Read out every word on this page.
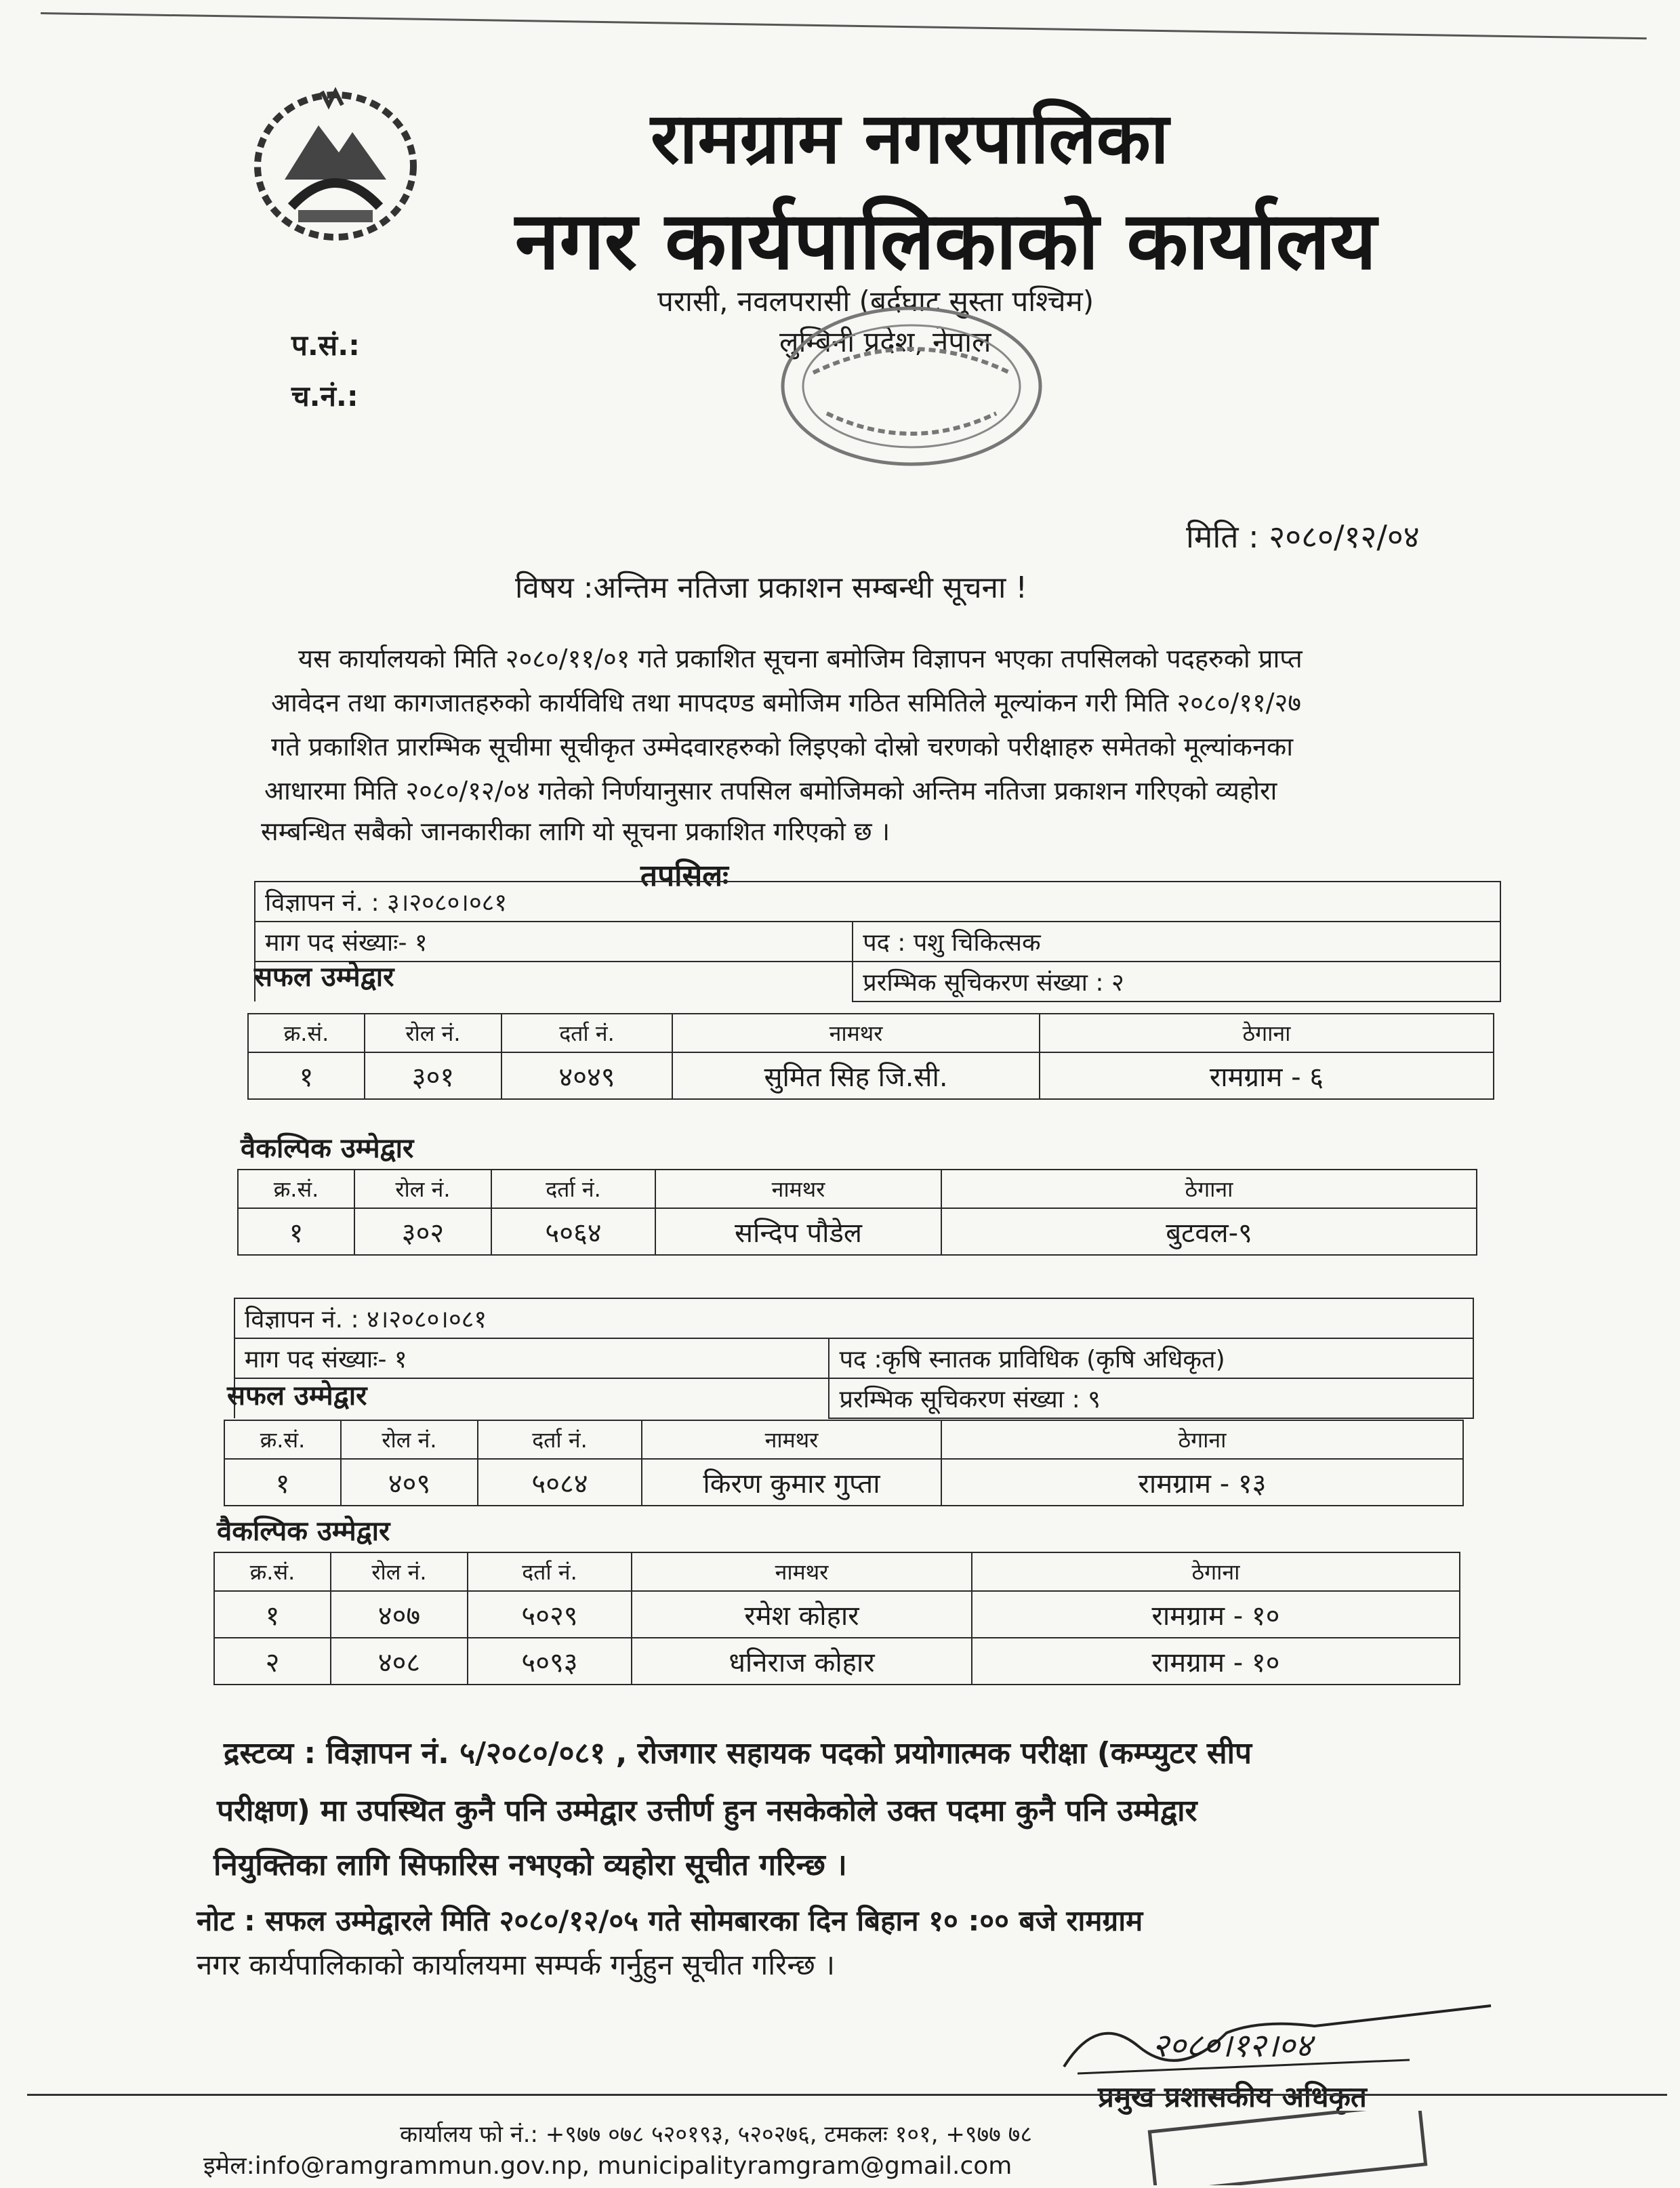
रामग्राम नगरपालिका
नगर कार्यपालिकाको कार्यालय
परासी, नवलपरासी (बर्दघाट सुस्ता पश्चिम)
लुम्बिनी प्रदेश, नेपाल
प.सं.:
च.नं.:
मिति : २०८०/१२/०४
विषय :अन्तिम नतिजा प्रकाशन सम्बन्धी सूचना !
यस कार्यालयको मिति २०८०/११/०१ गते प्रकाशित सूचना बमोजिम विज्ञापन भएका तपसिलको पदहरुको प्राप्त
आवेदन तथा कागजातहरुको कार्यविधि तथा मापदण्ड बमोजिम गठित समितिले मूल्यांकन गरी मिति २०८०/११/२७
गते प्रकाशित प्रारम्भिक सूचीमा सूचीकृत उम्मेदवारहरुको लिइएको दोस्रो चरणको परीक्षाहरु समेतको मूल्यांकनका
आधारमा मिति २०८०/१२/०४ गतेको निर्णयानुसार तपसिल बमोजिमको अन्तिम नतिजा प्रकाशन गरिएको व्यहोरा
सम्बन्धित सबैको जानकारीका लागि यो सूचना प्रकाशित गरिएको छ ।
तपसिलः
विज्ञापन नं. : ३।२०८०।०८१	
माग पद संख्याः- १	पद : पशु चिकित्सक
	प्ररम्भिक सूचिकरण संख्या : २
सफल उम्मेद्वार
क्र.सं.	रोल नं.	दर्ता नं.	नामथर	ठेगाना
१	३०१	४०४९	सुमित सिह जि.सी.	रामग्राम - ६
वैकल्पिक उम्मेद्वार
क्र.सं.	रोल नं.	दर्ता नं.	नामथर	ठेगाना
१	३०२	५०६४	सन्दिप पौडेल	बुटवल-९
विज्ञापन नं. : ४।२०८०।०८१	
माग पद संख्याः- १	पद :कृषि स्नातक प्राविधिक (कृषि अधिकृत)
	प्ररम्भिक सूचिकरण संख्या : ९
सफल उम्मेद्वार
क्र.सं.	रोल नं.	दर्ता नं.	नामथर	ठेगाना
१	४०९	५०८४	किरण कुमार गुप्ता	रामग्राम - १३
वैकल्पिक उम्मेद्वार
क्र.सं.	रोल नं.	दर्ता नं.	नामथर	ठेगाना
१	४०७	५०२९	रमेश कोहार	रामग्राम - १०
२	४०८	५०९३	धनिराज कोहार	रामग्राम - १०
द्रस्टव्य : विज्ञापन नं. ५/२०८०/०८१ , रोजगार सहायक पदको प्रयोगात्मक परीक्षा (कम्प्युटर सीप
परीक्षण) मा उपस्थित कुनै पनि उम्मेद्वार उत्तीर्ण हुन नसकेकोले उक्त पदमा कुनै पनि उम्मेद्वार
नियुक्तिका लागि सिफारिस नभएको व्यहोरा सूचीत गरिन्छ ।
नोट : सफल उम्मेद्वारले मिति २०८०/१२/०५ गते सोमबारका दिन बिहान १० :०० बजे रामग्राम
नगर कार्यपालिकाको कार्यालयमा सम्पर्क गर्नुहुन सूचीत गरिन्छ ।
२०८०।१२।०४
प्रमुख प्रशासकीय अधिकृत
कार्यालय फो नं.: +९७७ ०७८ ५२०१९३, ५२०२७६, टमकलः १०१, +९७७ ७८
इमेल:info@ramgrammun.gov.np, municipalityramgram@gmail.com
